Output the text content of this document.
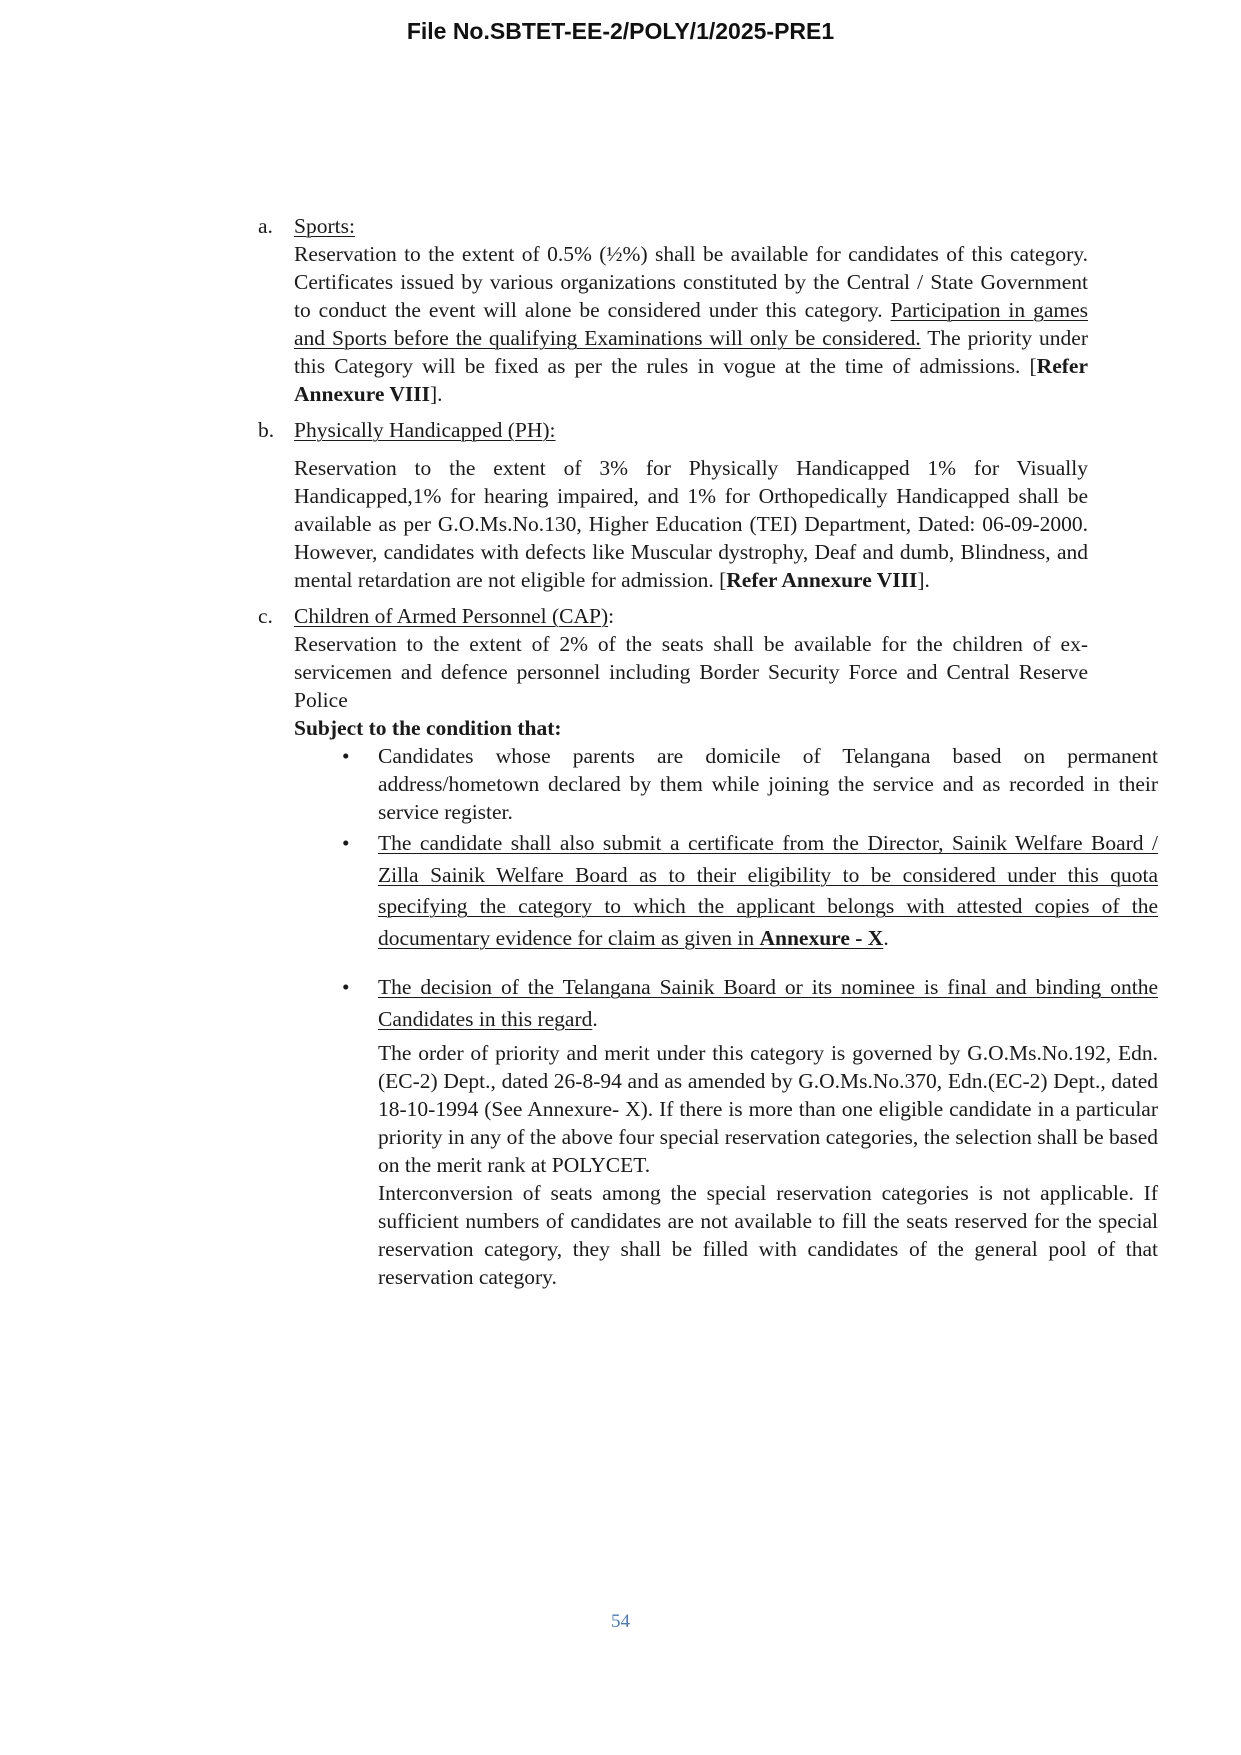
File No.SBTET-EE-2/POLY/1/2025-PRE1
a. Sports:

Reservation to the extent of 0.5% (½%) shall be available for candidates of this category. Certificates issued by various organizations constituted by the Central / State Government to conduct the event will alone be considered under this category. Participation in games and Sports before the qualifying Examinations will only be considered. The priority under this Category will be fixed as per the rules in vogue at the time of admissions. [Refer Annexure VIII].

b. Physically Handicapped (PH):

Reservation to the extent of 3% for Physically Handicapped 1% for Visually Handicapped,1% for hearing impaired, and 1% for Orthopedically Handicapped shall be available as per G.O.Ms.No.130, Higher Education (TEI) Department, Dated: 06-09-2000. However, candidates with defects like Muscular dystrophy, Deaf and dumb, Blindness, and mental retardation are not eligible for admission. [Refer Annexure VIII].

c. Children of Armed Personnel (CAP):

Reservation to the extent of 2% of the seats shall be available for the children of ex-servicemen and defence personnel including Border Security Force and Central Reserve Police

Subject to the condition that:

• Candidates whose parents are domicile of Telangana based on permanent address/hometown declared by them while joining the service and as recorded in their service register.

• The candidate shall also submit a certificate from the Director, Sainik Welfare Board / Zilla Sainik Welfare Board as to their eligibility to be considered under this quota specifying the category to which the applicant belongs with attested copies of the documentary evidence for claim as given in Annexure - X.

• The decision of the Telangana Sainik Board or its nominee is final and binding onthe Candidates in this regard.

The order of priority and merit under this category is governed by G.O.Ms.No.192, Edn.(EC-2) Dept., dated 26-8-94 and as amended by G.O.Ms.No.370, Edn.(EC-2) Dept., dated 18-10-1994 (See Annexure- X). If there is more than one eligible candidate in a particular priority in any of the above four special reservation categories, the selection shall be based on the merit rank at POLYCET.

Interconversion of seats among the special reservation categories is not applicable. If sufficient numbers of candidates are not available to fill the seats reserved for the special reservation category, they shall be filled with candidates of the general pool of that reservation category.

54
